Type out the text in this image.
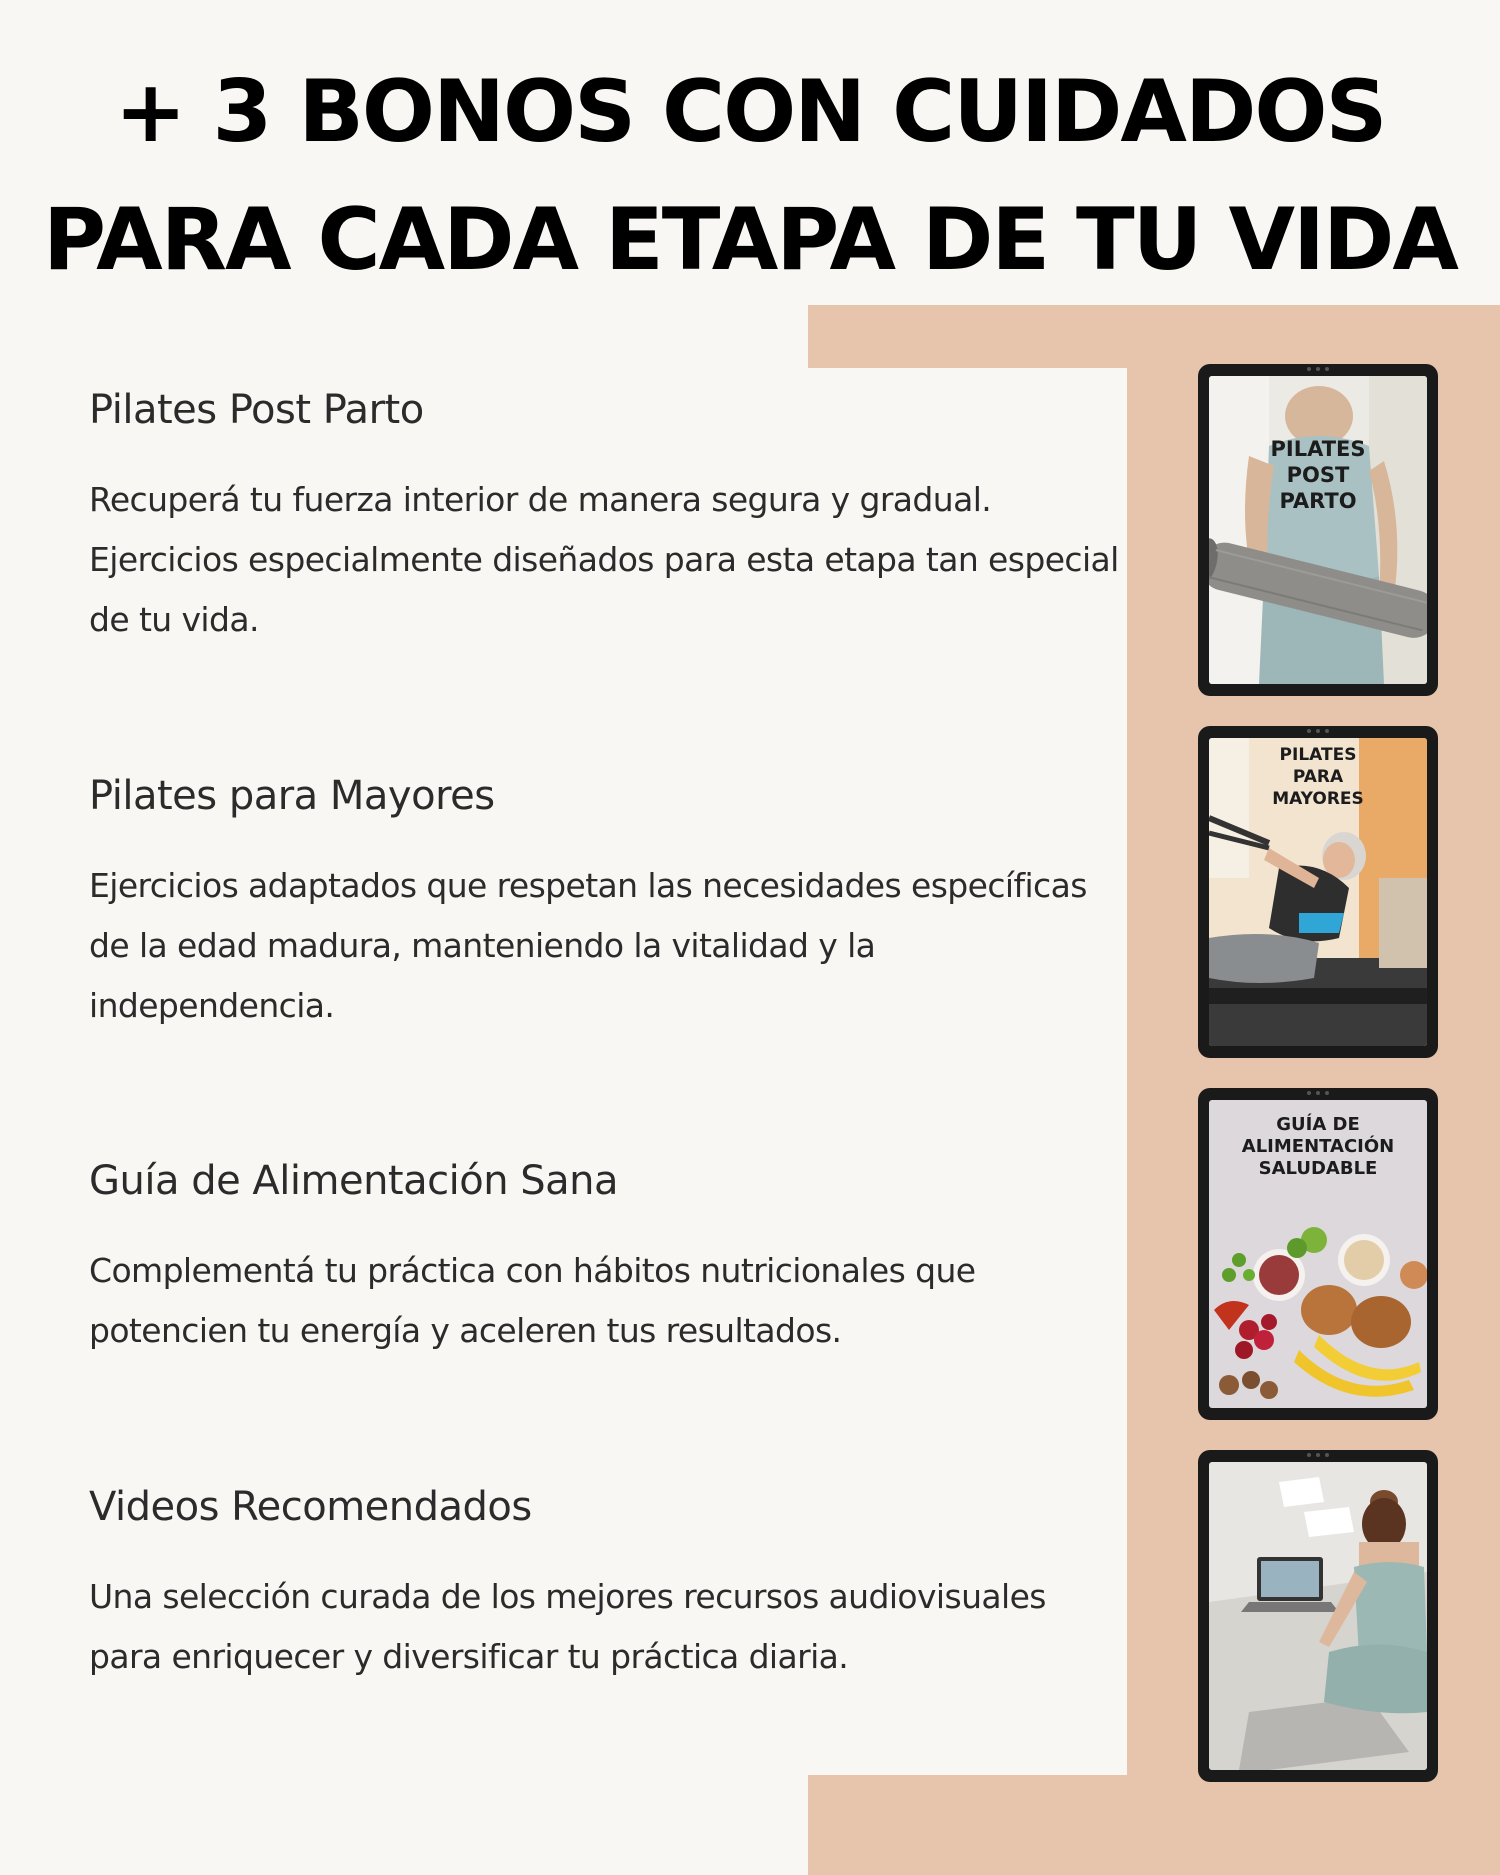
+ 3 BONOS CON CUIDADOS
PARA CADA ETAPA DE TU VIDA
Pilates Post Parto

Recuperá tu fuerza interior de manera segura y gradual. Ejercicios especialmente diseñados para esta etapa tan especial de tu vida.

Pilates para Mayores

Ejercicios adaptados que respetan las necesidades específicas de la edad madura, manteniendo la vitalidad y la independencia.

Guía de Alimentación Sana

Complementá tu práctica con hábitos nutricionales que potencien tu energía y aceleren tus resultados.

Videos Recomendados

Una selección curada de los mejores recursos audiovisuales para enriquecer y diversificar tu práctica diaria.

PILATES
POST
PARTO
PILATES
PARA
MAYORES
GUÍA DE
ALIMENTACIÓN
SALUDABLE
